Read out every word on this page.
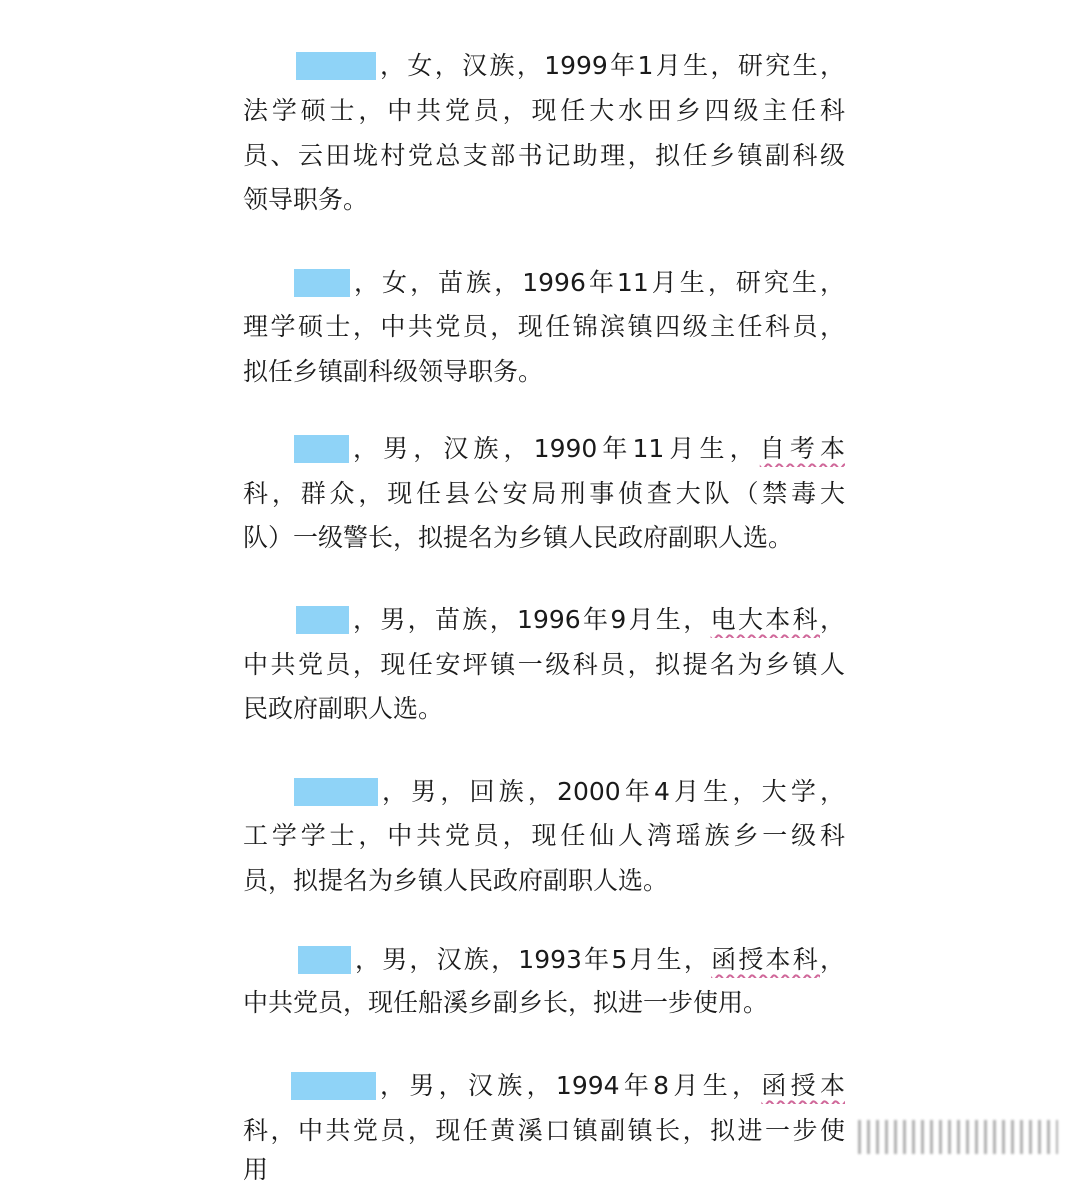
，女，汉族，1999年1月生，研究生，
法学硕士，中共党员，现任大水田乡四级主任科
员、云田垅村党总支部书记助理，拟任乡镇副科级
领导职务。
，女，苗族，1996年11月生，研究生，
理学硕士，中共党员，现任锦滨镇四级主任科员，
拟任乡镇副科级领导职务。
，男，汉族，1990年11月生，自考本
科，群众，现任县公安局刑事侦查大队（禁毒大
队）一级警长，拟提名为乡镇人民政府副职人选。
，男，苗族，1996年9月生，电大本科，
中共党员，现任安坪镇一级科员，拟提名为乡镇人
民政府副职人选。
，男，回族，2000年4月生，大学，
工学学士，中共党员，现任仙人湾瑶族乡一级科
员，拟提名为乡镇人民政府副职人选。
，男，汉族，1993年5月生，函授本科，
中共党员，现任船溪乡副乡长，拟进一步使用。
，男，汉族，1994年8月生，函授本
科，中共党员，现任黄溪口镇副镇长，拟进一步使
用
